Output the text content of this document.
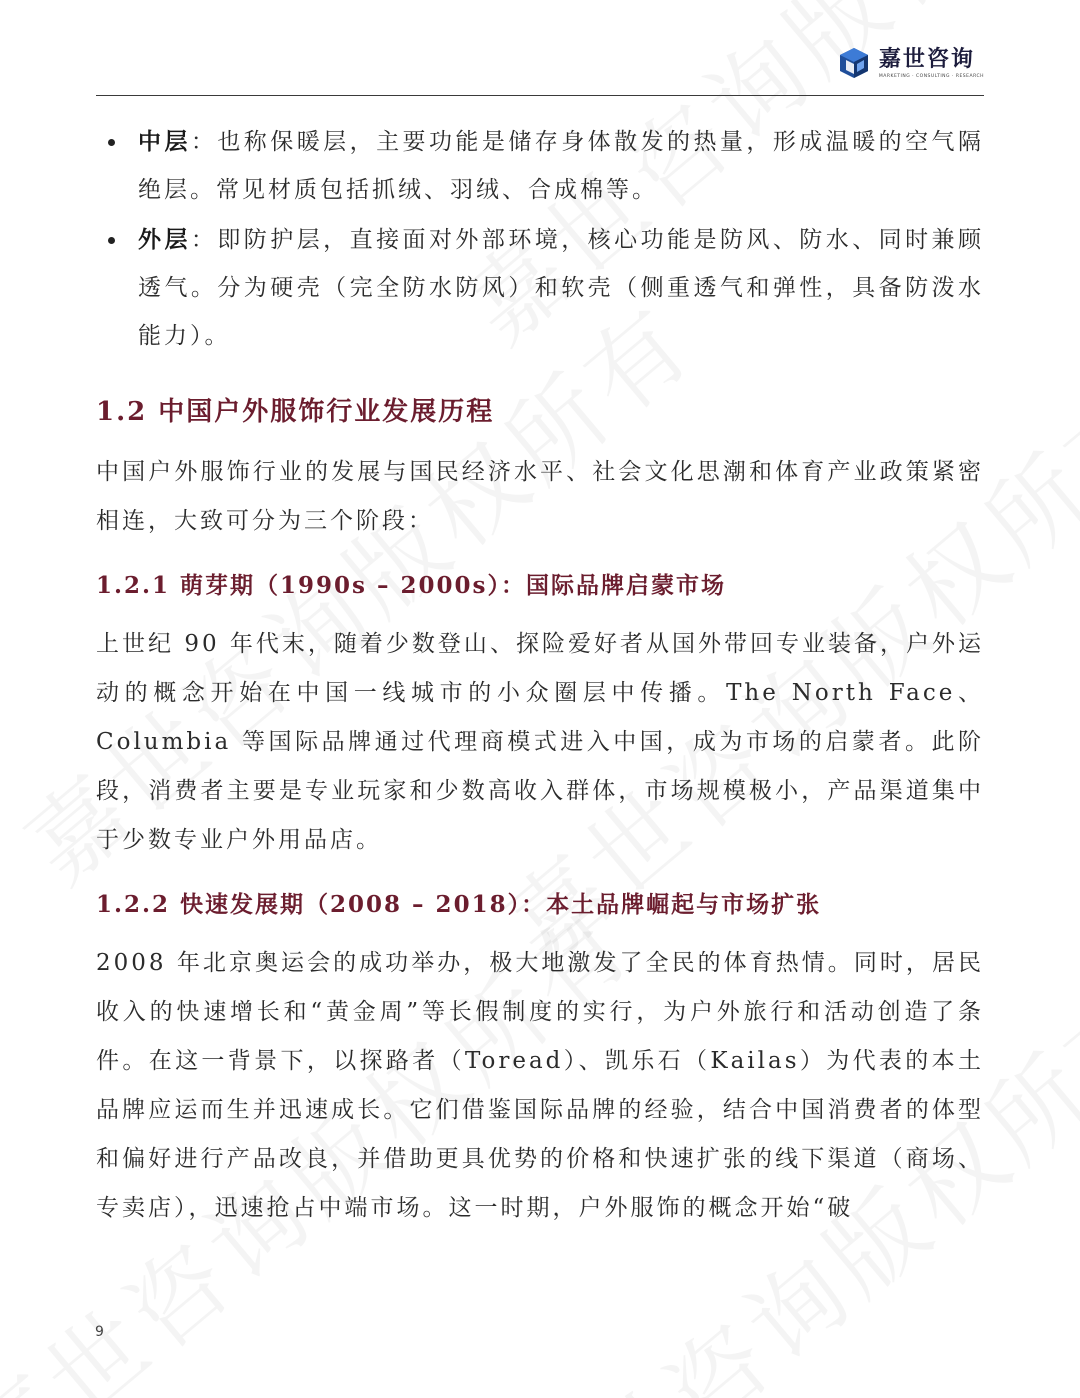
嘉世咨询
MARKETING · CONSULTING · RESEARCH
中层：也称保暖层，主要功能是储存身体散发的热量，形成温暖的空气隔绝层。常见材质包括抓绒、羽绒、合成棉等。
外层：即防护层，直接面对外部环境，核心功能是防风、防水、同时兼顾透气。分为硬壳（完全防水防风）和软壳（侧重透气和弹性，具备防泼水能力）。
1.2 中国户外服饰行业发展历程

中国户外服饰行业的发展与国民经济水平、社会文化思潮和体育产业政策紧密相连，大致可分为三个阶段：

1.2.1 萌芽期（1990s – 2000s）：国际品牌启蒙市场

上世纪 90 年代末，随着少数登山、探险爱好者从国外带回专业装备，户外运动的概念开始在中国一线城市的小众圈层中传播。The North Face、Columbia 等国际品牌通过代理商模式进入中国，成为市场的启蒙者。此阶段，消费者主要是专业玩家和少数高收入群体，市场规模极小，产品渠道集中于少数专业户外用品店。

1.2.2 快速发展期（2008 – 2018）：本土品牌崛起与市场扩张

2008 年北京奥运会的成功举办，极大地激发了全民的体育热情。同时，居民收入的快速增长和“黄金周”等长假制度的实行，为户外旅行和活动创造了条件。在这一背景下，以探路者（Toread）、凯乐石（Kailas）为代表的本土品牌应运而生并迅速成长。它们借鉴国际品牌的经验，结合中国消费者的体型和偏好进行产品改良，并借助更具优势的价格和快速扩张的线下渠道（商场、专卖店），迅速抢占中端市场。这一时期，户外服饰的概念开始“破

9
